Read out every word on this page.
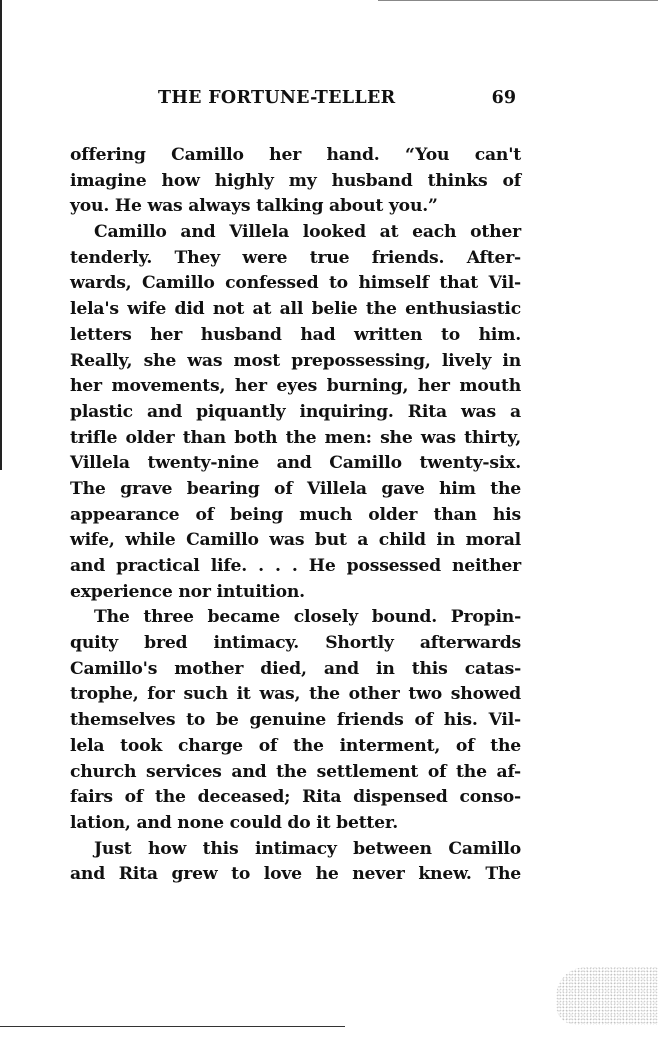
THE FORTUNE-TELLER	69
offering Camillo her hand. “You can't
imagine how highly my husband thinks of
you. He was always talking about you.”
Camillo and Villela looked at each other
tenderly. They were true friends. After-
wards, Camillo confessed to himself that Vil-
lela's wife did not at all belie the enthusiastic
letters her husband had written to him.
Really, she was most prepossessing, lively in
her movements, her eyes burning, her mouth
plastic and piquantly inquiring. Rita was a
trifle older than both the men: she was thirty,
Villela twenty-nine and Camillo twenty-six.
The grave bearing of Villela gave him the
appearance of being much older than his
wife, while Camillo was but a child in moral
and practical life. . . . He possessed neither
experience nor intuition.
The three became closely bound. Propin-
quity bred intimacy. Shortly afterwards
Camillo's mother died, and in this catas-
trophe, for such it was, the other two showed
themselves to be genuine friends of his. Vil-
lela took charge of the interment, of the
church services and the settlement of the af-
fairs of the deceased; Rita dispensed conso-
lation, and none could do it better.
Just how this intimacy between Camillo
and Rita grew to love he never knew. The
